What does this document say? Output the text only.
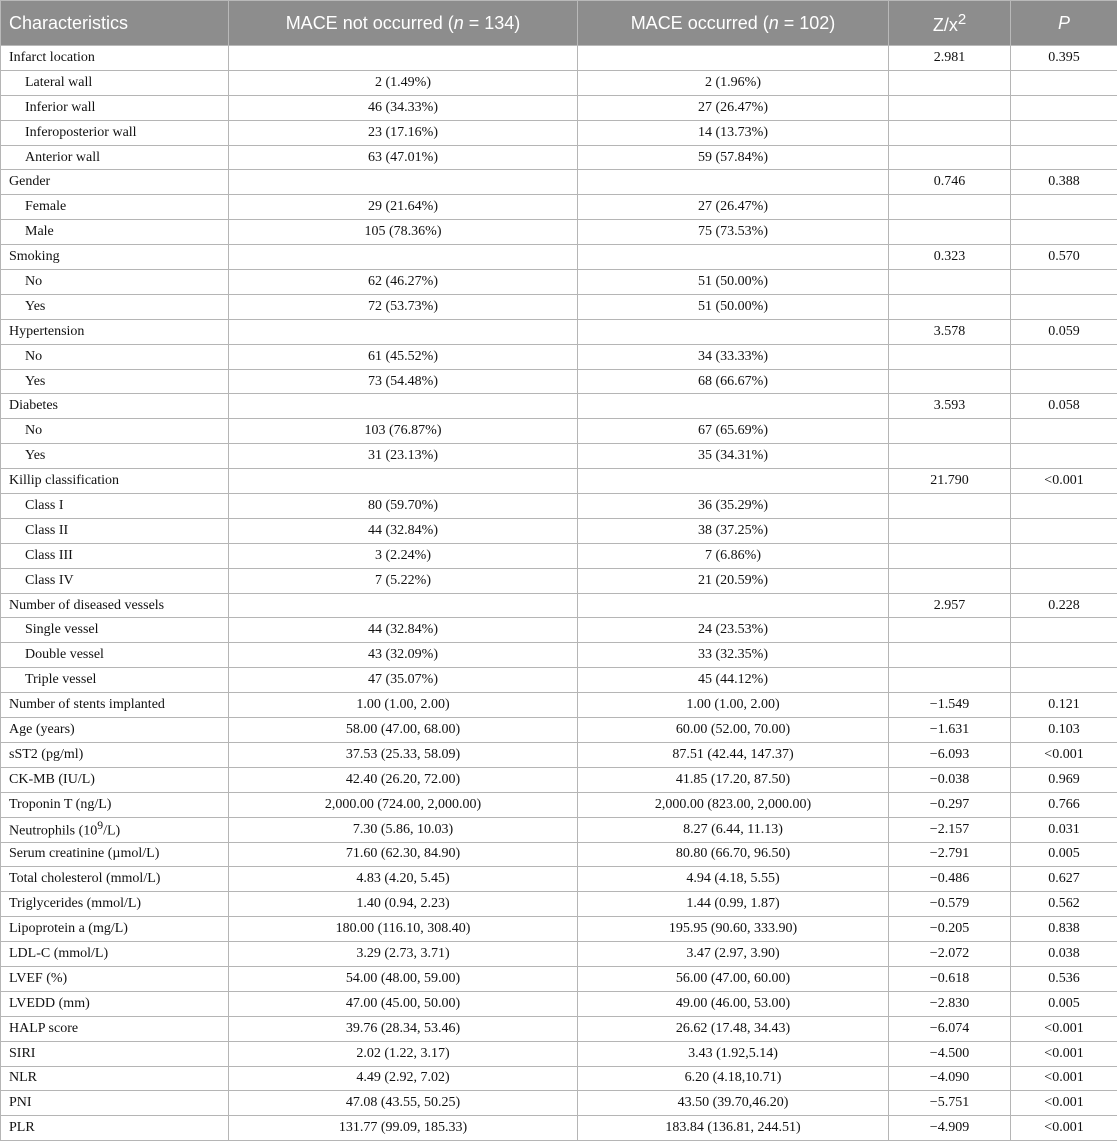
Characteristics	MACE not occurred (n = 134)	MACE occurred (n = 102)	$Z/x^2$	P
Infarct location			2.981	0.395
Lateral wall	2 (1.49%)	2 (1.96%)		
Inferior wall	46 (34.33%)	27 (26.47%)		
Inferoposterior wall	23 (17.16%)	14 (13.73%)		
Anterior wall	63 (47.01%)	59 (57.84%)		
Gender			0.746	0.388
Female	29 (21.64%)	27 (26.47%)		
Male	105 (78.36%)	75 (73.53%)		
Smoking			0.323	0.570
No	62 (46.27%)	51 (50.00%)		
Yes	72 (53.73%)	51 (50.00%)		
Hypertension			3.578	0.059
No	61 (45.52%)	34 (33.33%)		
Yes	73 (54.48%)	68 (66.67%)		
Diabetes			3.593	0.058
No	103 (76.87%)	67 (65.69%)		
Yes	31 (23.13%)	35 (34.31%)		
Killip classification			21.790	<0.001
Class I	80 (59.70%)	36 (35.29%)		
Class II	44 (32.84%)	38 (37.25%)		
Class III	3 (2.24%)	7 (6.86%)		
Class IV	7 (5.22%)	21 (20.59%)		
Number of diseased vessels			2.957	0.228
Single vessel	44 (32.84%)	24 (23.53%)		
Double vessel	43 (32.09%)	33 (32.35%)		
Triple vessel	47 (35.07%)	45 (44.12%)		
Number of stents implanted	1.00 (1.00, 2.00)	1.00 (1.00, 2.00)	−1.549	0.121
Age (years)	58.00 (47.00, 68.00)	60.00 (52.00, 70.00)	−1.631	0.103
sST2 (pg/ml)	37.53 (25.33, 58.09)	87.51 (42.44, 147.37)	−6.093	<0.001
CK-MB (IU/L)	42.40 (26.20, 72.00)	41.85 (17.20, 87.50)	−0.038	0.969
Troponin T (ng/L)	2,000.00 (724.00, 2,000.00)	2,000.00 (823.00, 2,000.00)	−0.297	0.766
Neutrophils $(10^9/L)$	7.30 (5.86, 10.03)	8.27 (6.44, 11.13)	−2.157	0.031
Serum creatinine (µmol/L)	71.60 (62.30, 84.90)	80.80 (66.70, 96.50)	−2.791	0.005
Total cholesterol (mmol/L)	4.83 (4.20, 5.45)	4.94 (4.18, 5.55)	−0.486	0.627
Triglycerides (mmol/L)	1.40 (0.94, 2.23)	1.44 (0.99, 1.87)	−0.579	0.562
Lipoprotein a (mg/L)	180.00 (116.10, 308.40)	195.95 (90.60, 333.90)	−0.205	0.838
LDL-C (mmol/L)	3.29 (2.73, 3.71)	3.47 (2.97, 3.90)	−2.072	0.038
LVEF (%)	54.00 (48.00, 59.00)	56.00 (47.00, 60.00)	−0.618	0.536
LVEDD (mm)	47.00 (45.00, 50.00)	49.00 (46.00, 53.00)	−2.830	0.005
HALP score	39.76 (28.34, 53.46)	26.62 (17.48, 34.43)	−6.074	<0.001
SIRI	2.02 (1.22, 3.17)	3.43 (1.92,5.14)	−4.500	<0.001
NLR	4.49 (2.92, 7.02)	6.20 (4.18,10.71)	−4.090	<0.001
PNI	47.08 (43.55, 50.25)	43.50 (39.70,46.20)	−5.751	<0.001
PLR	131.77 (99.09, 185.33)	183.84 (136.81, 244.51)	−4.909	<0.001
